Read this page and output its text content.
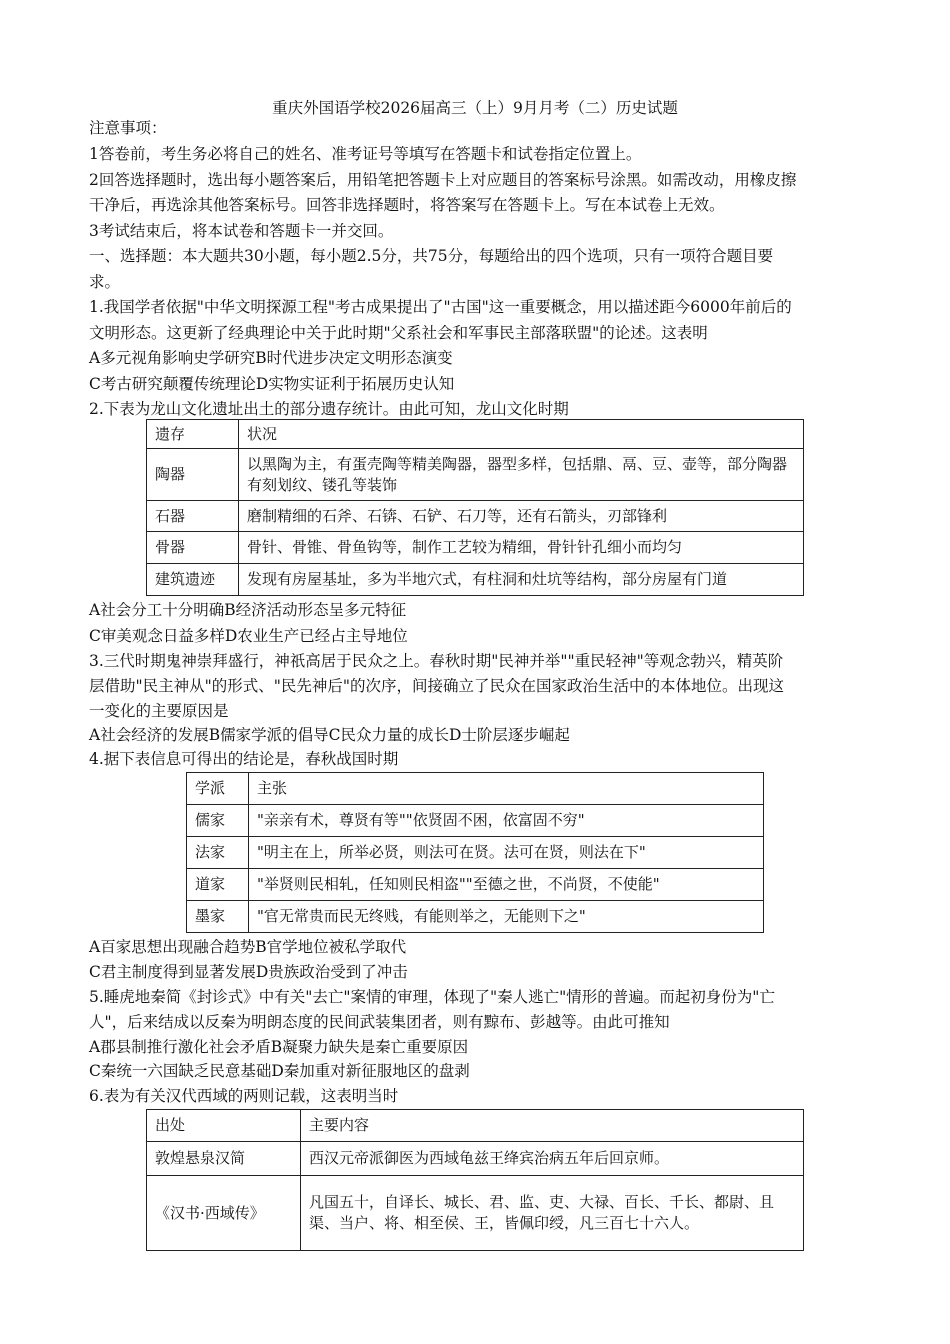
重庆外国语学校2026届高三（上）9月月考（二）历史试题
注意事项：
1答卷前，考生务必将自己的姓名、准考证号等填写在答题卡和试卷指定位置上。
2回答选择题时，选出每小题答案后，用铅笔把答题卡上对应题目的答案标号涂黑。如需改动，用橡皮擦
干净后，再选涂其他答案标号。回答非选择题时，将答案写在答题卡上。写在本试卷上无效。
3考试结束后，将本试卷和答题卡一并交回。
一、选择题：本大题共30小题，每小题2.5分，共75分，每题给出的四个选项，只有一项符合题目要
求。
1.我国学者依据"中华文明探源工程"考古成果提出了"古国"这一重要概念，用以描述距今6000年前后的
文明形态。这更新了经典理论中关于此时期"父系社会和军事民主部落联盟"的论述。这表明
A多元视角影响史学研究B时代进步决定文明形态演变
C考古研究颠覆传统理论D实物实证利于拓展历史认知
2.下表为龙山文化遗址出土的部分遗存统计。由此可知，龙山文化时期
遗存	状况
陶器	以黑陶为主，有蛋壳陶等精美陶器，器型多样，包括鼎、鬲、豆、壶等，部分陶器有刻划纹、镂孔等装饰
石器	磨制精细的石斧、石锛、石铲、石刀等，还有石箭头，刃部锋利
骨器	骨针、骨锥、骨鱼钩等，制作工艺较为精细，骨针针孔细小而均匀
建筑遗迹	发现有房屋基址，多为半地穴式，有柱洞和灶坑等结构，部分房屋有门道
A社会分工十分明确B经济活动形态呈多元特征
C审美观念日益多样D农业生产已经占主导地位
3.三代时期鬼神崇拜盛行，神祇高居于民众之上。春秋时期"民神并举""重民轻神"等观念勃兴，精英阶
层借助"民主神从"的形式、"民先神后"的次序，间接确立了民众在国家政治生活中的本体地位。出现这
一变化的主要原因是
A社会经济的发展B儒家学派的倡导C民众力量的成长D士阶层逐步崛起
4.据下表信息可得出的结论是，春秋战国时期
学派	主张
儒家	"亲亲有术，尊贤有等""依贤固不困，依富固不穷"
法家	"明主在上，所举必贤，则法可在贤。法可在贤，则法在下"
道家	"举贤则民相轧，任知则民相盗""至德之世，不尚贤，不使能"
墨家	"官无常贵而民无终贱，有能则举之，无能则下之"
A百家思想出现融合趋势B官学地位被私学取代
C君主制度得到显著发展D贵族政治受到了冲击
5.睡虎地秦简《封诊式》中有关"去亡"案情的审理，体现了"秦人逃亡"情形的普遍。而起初身份为"亡
人"，后来结成以反秦为明朗态度的民间武装集团者，则有黥布、彭越等。由此可推知
A郡县制推行激化社会矛盾B凝聚力缺失是秦亡重要原因
C秦统一六国缺乏民意基础D秦加重对新征服地区的盘剥
6.表为有关汉代西域的两则记载，这表明当时
出处	主要内容
敦煌悬泉汉简	西汉元帝派御医为西域龟兹王绛宾治病五年后回京师。
《汉书·西域传》	凡国五十，自译长、城长、君、监、吏、大禄、百长、千长、都尉、且渠、当户、将、相至侯、王，皆佩印绶，凡三百七十六人。
